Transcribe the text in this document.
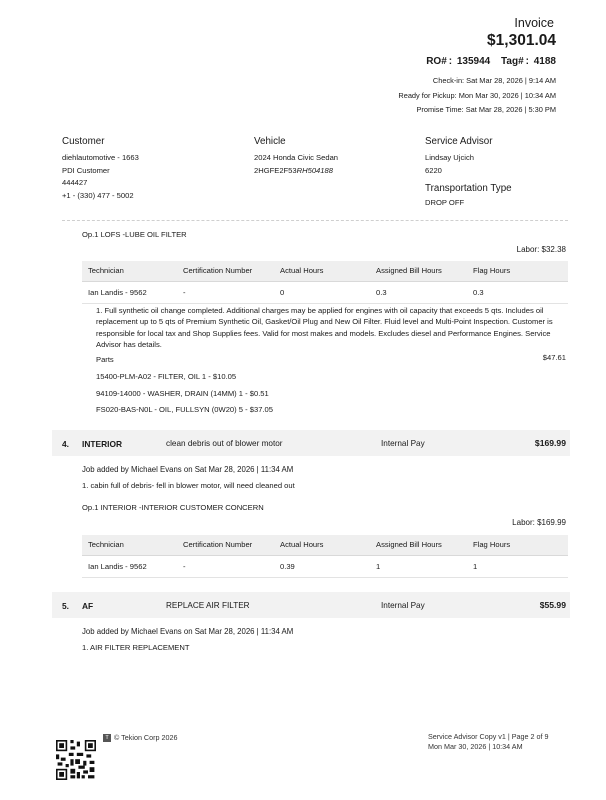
Invoice
$1,301.04
RO# : 135944 Tag# : 4188
Check-in: Sat Mar 28, 2026 | 9:14 AM
Ready for Pickup: Mon Mar 30, 2026 | 10:34 AM
Promise Time: Sat Mar 28, 2026 | 5:30 PM
Customer	Vehicle	Service Advisor
diehlautomotive - 1663
PDI Customer
444427
+1 - (330) 477 - 5002
2024 Honda Civic Sedan
2HGFE2F53RH504188
Lindsay Ujcich
6220
Transportation Type
DROP OFF
Op.1 LOFS -LUBE OIL FILTER
Labor: $32.38
Technician	Certification Number	Actual Hours	Assigned Bill Hours	Flag Hours
Ian Landis - 9562	-	0	0.3	0.3
1. Full synthetic oil change completed. Additional charges may be applied for engines with oil capacity that exceeds 5 qts. Includes oil replacement up to 5 qts of Premium Synthetic Oil, Gasket/Oil Plug and New Oil Filter. Fluid level and Multi-Point Inspection. Customer is responsible for local tax and Shop Supplies fees. Valid for most makes and models. Excludes diesel and Performance Engines. Service Advisor has details.
Parts	$47.61
15400-PLM-A02 - FILTER, OIL 1 - $10.05
94109-14000 - WASHER, DRAIN (14MM) 1 - $0.51
FS020-BAS-N0L - OIL, FULLSYN (0W20) 5 - $37.05
4. INTERIOR	clean debris out of blower motor	Internal Pay	$169.99
Job added by Michael Evans on Sat Mar 28, 2026 | 11:34 AM
1. cabin full of debris- fell in blower motor, will need cleaned out
Op.1 INTERIOR -INTERIOR CUSTOMER CONCERN
Labor: $169.99
Technician	Certification Number	Actual Hours	Assigned Bill Hours	Flag Hours
Ian Landis - 9562	-	0.39	1	1
5. AF	REPLACE AIR FILTER	Internal Pay	$55.99
Job added by Michael Evans on Sat Mar 28, 2026 | 11:34 AM
1. AIR FILTER REPLACEMENT
T © Tekion Corp 2026	Service Advisor Copy v1 | Page 2 of 9
Mon Mar 30, 2026 | 10:34 AM
